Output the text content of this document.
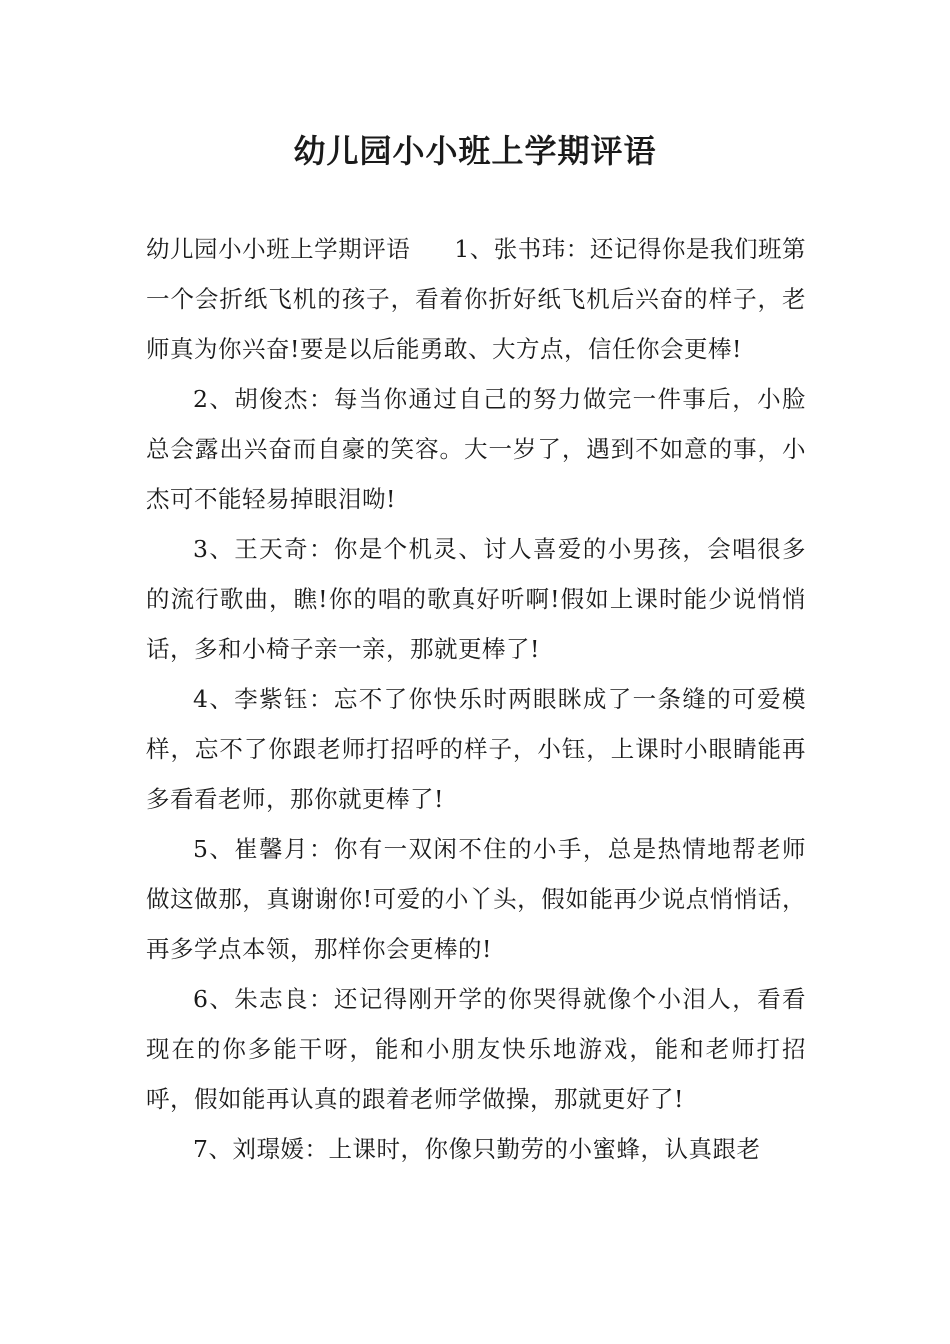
幼儿园小小班上学期评语

幼儿园小小班上学期评语 1、张书玮：还记得你是我们班第一个会折纸飞机的孩子，看着你折好纸飞机后兴奋的样子，老师真为你兴奋!要是以后能勇敢、大方点，信任你会更棒!

2、胡俊杰：每当你通过自己的努力做完一件事后，小脸总会露出兴奋而自豪的笑容。大一岁了，遇到不如意的事，小杰可不能轻易掉眼泪呦!

3、王天奇：你是个机灵、讨人喜爱的小男孩，会唱很多的流行歌曲，瞧!你的唱的歌真好听啊!假如上课时能少说悄悄话，多和小椅子亲一亲，那就更棒了!

4、李紫钰：忘不了你快乐时两眼眯成了一条缝的可爱模样，忘不了你跟老师打招呼的样子，小钰，上课时小眼睛能再多看看老师，那你就更棒了!

5、崔馨月：你有一双闲不住的小手，总是热情地帮老师做这做那，真谢谢你!可爱的小丫头，假如能再少说点悄悄话，再多学点本领，那样你会更棒的!

6、朱志良：还记得刚开学的你哭得就像个小泪人，看看现在的你多能干呀，能和小朋友快乐地游戏，能和老师打招呼，假如能再认真的跟着老师学做操，那就更好了!

7、刘璟媛：上课时，你像只勤劳的小蜜蜂，认真跟老
